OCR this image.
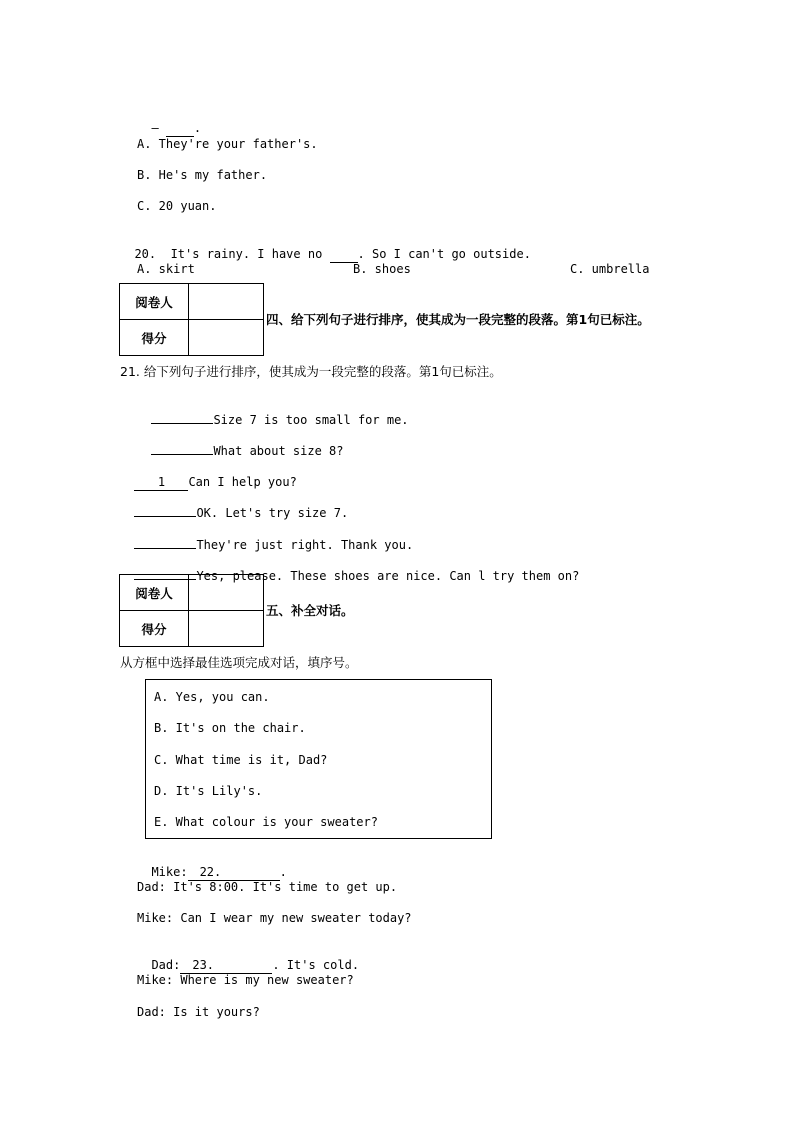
—	.

A. They're your father's.
B. He's my father.
C. 20 yuan.

20.  It's rainy. I have no  . So I can't go outside.

A. skirt	B. shoes	C. umbrella
阅卷人	
得分	
四、给下列句子进行排序，使其成为一段完整的段落。第1句已标注。
21. 给下列句子进行排序，使其成为一段完整的段落。第1句已标注。

Size 7 is too small for me.

What about size 8?

1 Can I help you?

OK. Let's try size 7.

They're just right. Thank you.

Yes, please. These shoes are nice. Can l try them on?

阅卷人	
得分	
五、补全对话。
从方框中选择最佳选项完成对话，填序号。
A. Yes, you can.
B. It's on the chair.
C. What time is it, Dad?
D. It's Lily's.
E. What colour is your sweater?

Mike: 22.	.

Dad: It's 8:00. It's time to get up.
Mike: Can I wear my new sweater today?

Dad: 23.	. It's cold.

Mike: Where is my new sweater?
Dad: Is it yours?
